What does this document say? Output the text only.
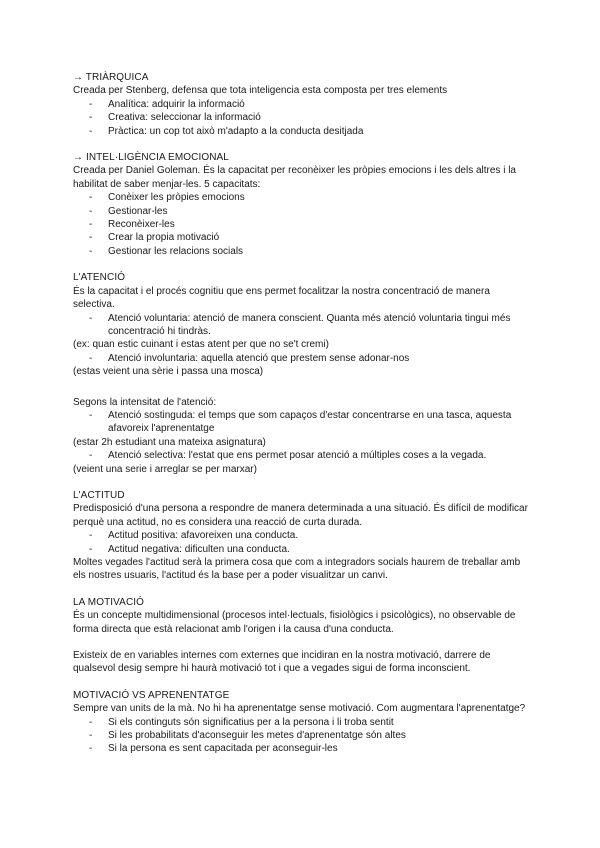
→ TRIÀRQUICA

Creada per Stenberg, defensa que tota inteligencia esta composta per tres elements

- Analítica: adquirir la informació
- Creativa: seleccionar la informació
- Pràctica: un cop tot això m'adapto a la conducta desitjada
→ INTEL·LIGÈNCIA EMOCIONAL

Creada per Daniel Goleman. És la capacitat per reconèixer les pròpies emocions i les dels altres i la habilitat de saber menjar-les. 5 capacitats:

- Conèixer les pròpies emocions
- Gestionar-les
- Reconèixer-les
- Crear la propia motivació
- Gestionar les relacions socials
L'ATENCIÓ

És la capacitat i el procés cognitiu que ens permet focalitzar la nostra concentració de manera selectiva.

- Atenció voluntaria: atenció de manera conscient. Quanta més atenció voluntaria tingui més concentració hi tindràs.

(ex: quan estic cuinant i estas atent per que no se't cremi)

- Atenció involuntaria: aquella atenció que prestem sense adonar-nos

(estas veient una sèrie i passa una mosca)

Segons la intensitat de l'atenció:

- Atenció sostinguda: el temps que som capaços d'estar concentrarse en una tasca, aquesta afavoreix l'aprenentatge

(estar 2h estudiant una mateixa asignatura)

- Atenció selectiva: l'estat que ens permet posar atenció a múltiples coses a la vegada.

(veient una serie i arreglar se per marxar)

L'ACTITUD

Predisposició d'una persona a respondre de manera determinada a una situació. És difícil de modificar perquè una actitud, no es considera una reacció de curta durada.

- Actitud positiva: afavoreixen una conducta.
- Actitud negativa: dificulten una conducta.

Moltes vegades l'actitud serà la primera cosa que com a integradors socials haurem de treballar amb els nostres usuaris, l'actitud és la base per a poder visualitzar un canvi.

LA MOTIVACIÓ

És un concepte multidimensional (procesos intel·lectuals, fisiològics i psicològics), no observable de forma directa que està relacionat amb l'origen i la causa d'una conducta.

Existeix de en variables internes com externes que incidiran en la nostra motivació, darrere de qualsevol desig sempre hi haurà motivació tot i que a vegades sigui de forma inconscient.

MOTIVACIÓ VS APRENENTATGE

Sempre van units de la mà. No hi ha aprenentatge sense motivació. Com augmentara l'aprenentatge?

- Si els continguts són significatius per a la persona i li troba sentit
- Si les probabilitats d'aconseguir les metes d'aprenentatge són altes
- Si la persona es sent capacitada per aconseguir-les
